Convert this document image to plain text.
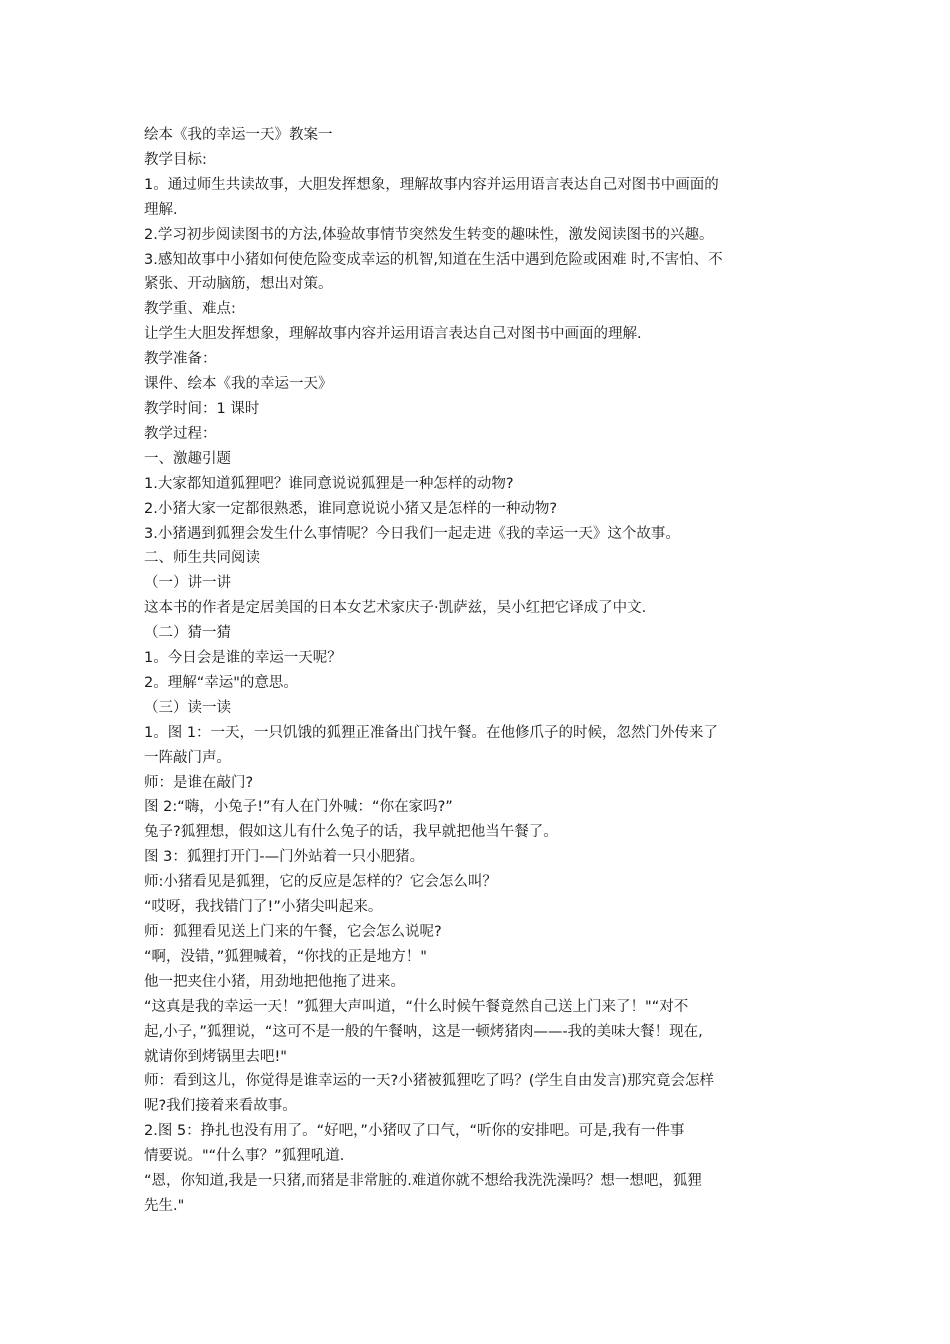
绘本《我的幸运一天》教案一
教学目标:
1。通过师生共读故事，大胆发挥想象，理解故事内容并运用语言表达自己对图书中画面的
理解.
2.学习初步阅读图书的方法,体验故事情节突然发生转变的趣味性，激发阅读图书的兴趣。
3.感知故事中小猪如何使危险变成幸运的机智,知道在生活中遇到危险或困难 时,不害怕、不
紧张、开动脑筋，想出对策。
教学重、难点:
让学生大胆发挥想象，理解故事内容并运用语言表达自己对图书中画面的理解.
教学准备：
课件、绘本《我的幸运一天》
教学时间：1 课时
教学过程：
一、激趣引题
1.大家都知道狐狸吧？谁同意说说狐狸是一种怎样的动物?
2.小猪大家一定都很熟悉，谁同意说说小猪又是怎样的一种动物?
3.小猪遇到狐狸会发生什么事情呢？今日我们一起走进《我的幸运一天》这个故事。
二、师生共同阅读
（一）讲一讲
这本书的作者是定居美国的日本女艺术家庆子·凯萨兹，吴小红把它译成了中文.
（二）猜一猜
1。今日会是谁的幸运一天呢？
2。理解“幸运"的意思。
（三）读一读
1。图 1：一天，一只饥饿的狐狸正准备出门找午餐。在他修爪子的时候，忽然门外传来了
一阵敲门声。
师：是谁在敲门?
图 2:“嗨，小兔子!”有人在门外喊：“你在家吗?”
兔子?狐狸想，假如这儿有什么兔子的话，我早就把他当午餐了。
图 3：狐狸打开门-—门外站着一只小肥猪。
师:小猪看见是狐狸，它的反应是怎样的？它会怎么叫？
“哎呀，我找错门了!”小猪尖叫起来。
师：狐狸看见送上门来的午餐，它会怎么说呢?
“啊，没错，”狐狸喊着，“你找的正是地方！"
他一把夹住小猪，用劲地把他拖了进来。
“这真是我的幸运一天！”狐狸大声叫道，“什么时候午餐竟然自己送上门来了！"“对不
起,小子，”狐狸说，“这可不是一般的午餐呐，这是一顿烤猪肉——-我的美味大餐！现在,
就请你到烤锅里去吧!"
师：看到这儿，你觉得是谁幸运的一天?小猪被狐狸吃了吗？(学生自由发言)那究竟会怎样
呢?我们接着来看故事。
2.图 5：挣扎也没有用了。“好吧，”小猪叹了口气，“听你的安排吧。可是,我有一件事
情要说。"“什么事？”狐狸吼道.
“恩，你知道,我是一只猪,而猪是非常脏的.难道你就不想给我洗洗澡吗？想一想吧，狐狸
先生."
